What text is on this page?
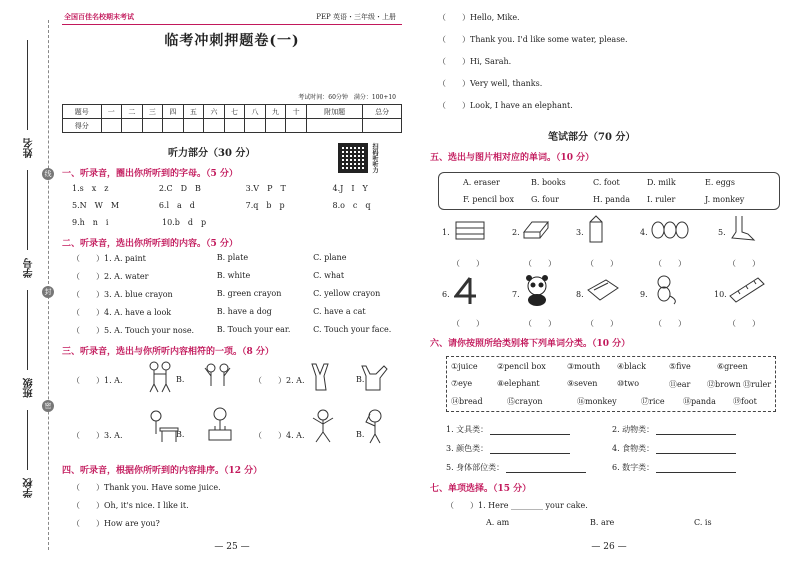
姓名
学号
班级
学校
线
封
密
全国百佳名校期末考试	PEP 英语・三年级・上册
临考冲刺押题卷(一)
考试时间：60分钟　满分：100+10
题号	一	二	三	四	五	六	七	八	九	十	附加题	总分
得分												
听力部分（30 分）	扫码听听力
一、听录音，圈出你所听到的字母。（5 分）
1.s　x　z	2.C　D　B	3.V　P　T	4.J　I　Y
5.N　W　M	6.l　a　d	7.q　b　p	8.o　c　q
9.h　n　i	10.b　d　p
二、听录音，选出你所听到的内容。（5 分）
（　　）1. A. paint	B. plate	C. plane
（　　）2. A. water	B. white	C. what
（　　）3. A. blue crayon	B. green crayon	C. yellow crayon
（　　）4. A. have a look	B. have a dog	C. have a cat
（　　）5. A. Touch your nose.	B. Touch your ear.	C. Touch your face.
三、听录音，选出与你所听内容相符的一项。（8 分）
（　　）1. A.	B.	（　　）2. A.	B.
（　　）3. A.	B.	（　　）4. A.	B.
四、听录音，根据你所听到的内容排序。（12 分）
（　　）Thank you. Have some juice.
（　　）Oh, it's nice. I like it.
（　　）How are you?
— 25 —
（　　）Hello, Mike.
（　　）Thank you. I'd like some water, please.
（　　）Hi, Sarah.
（　　）Very well, thanks.
（　　）Look, I have an elephant.
笔试部分（70 分）
五、选出与图片相对应的单词。（10 分）
A. eraser	B. books	C. foot	D. milk	E. eggs
F. pencil box G. four	H. panda I. ruler	J. monkey
1.	2.	3.	4.	5.
（　　）	（　　）	（　　）	（　　）	（　　）
6.	7.	8.	9.	10.
（　　）	（　　）	（　　）	（　　）	（　　）
六、请你按照所给类别将下列单词分类。（10 分）
①juice ②pencil box	③mouth ④black	⑤five	⑥green
⑦eye	⑧elephant	⑨seven ⑩two	⑪ear ⑫brown ⑬ruler
⑭bread	⑮crayon	⑯monkey	⑰rice ⑱panda ⑲foot
1. 文具类：	2. 动物类：
3. 颜色类：	4. 食物类：
5. 身体部位类：	6. 数字类：
七、单项选择。（15 分）
（　　）1. Here ________ your cake.
A. am	B. are	C. is
— 26 —
